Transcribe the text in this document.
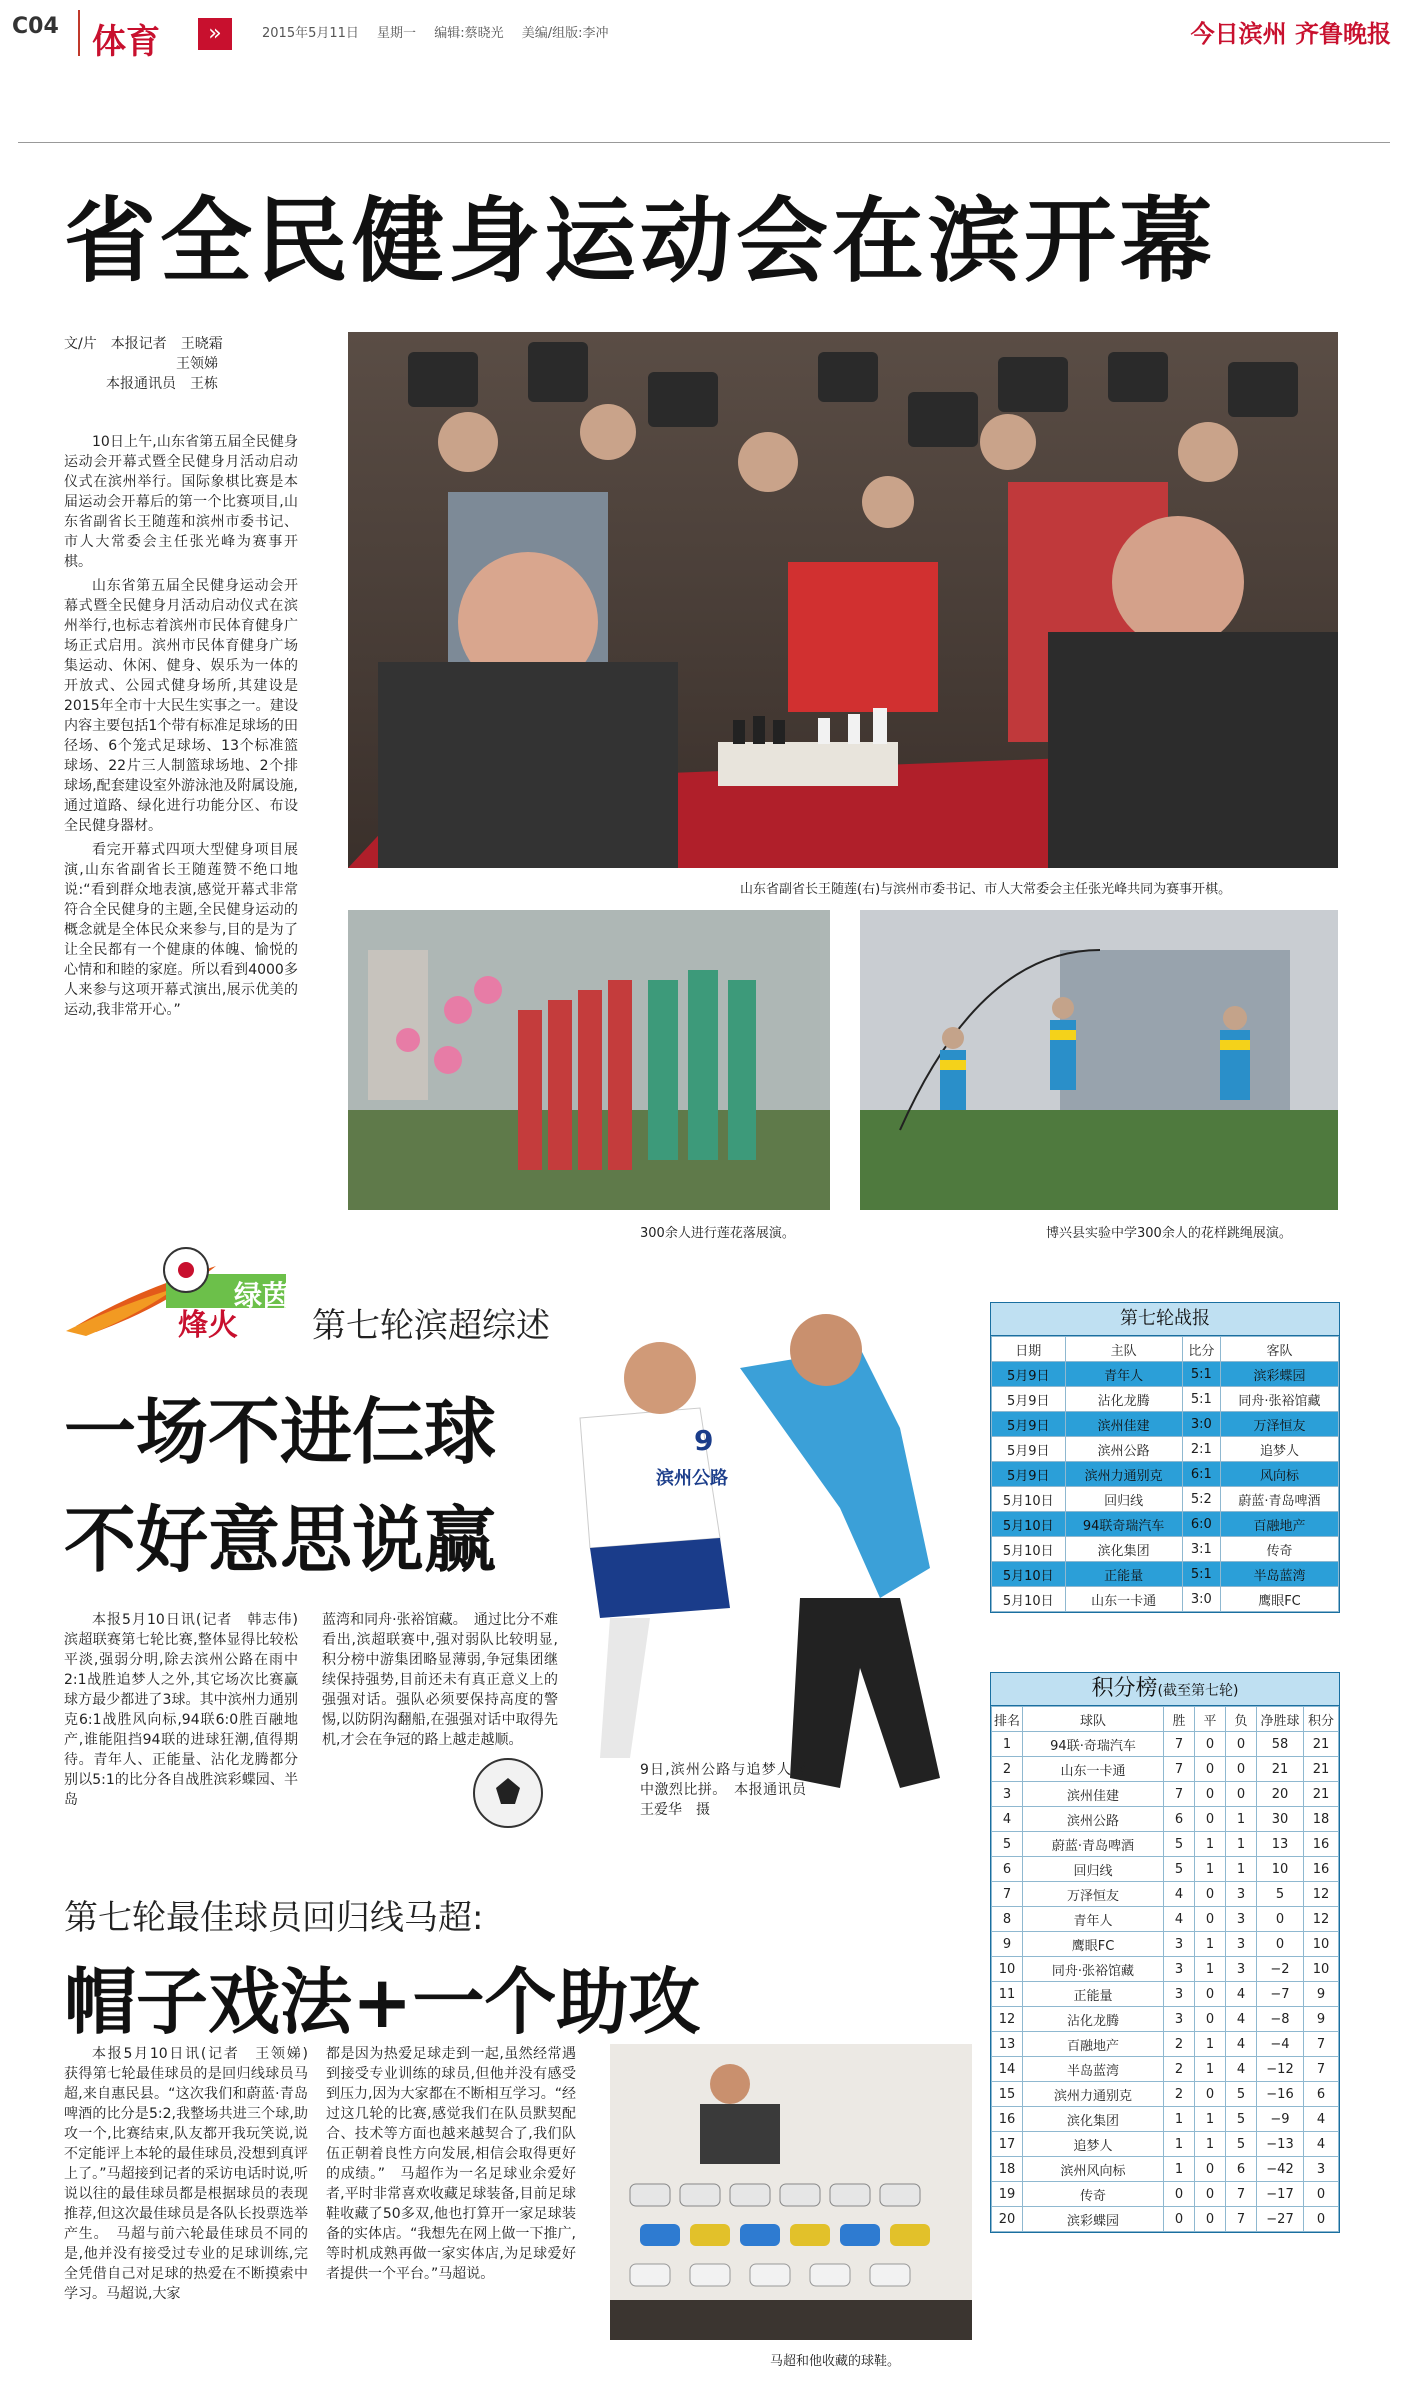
C04 体育	»	2015年5月11日 星期一 编辑:蔡晓光 美编/组版:李冲	今日滨州 齐鲁晚报
省全民健身运动会在滨开幕
文/片　本报记者　王晓霜
　　　　　　　　王领娣
　　　本报通讯员　王栋

10日上午,山东省第五届全民健身运动会开幕式暨全民健身月活动启动仪式在滨州举行。国际象棋比赛是本届运动会开幕后的第一个比赛项目,山东省副省长王随莲和滨州市委书记、市人大常委会主任张光峰为赛事开棋。

山东省第五届全民健身运动会开幕式暨全民健身月活动启动仪式在滨州举行,也标志着滨州市民体育健身广场正式启用。滨州市民体育健身广场集运动、休闲、健身、娱乐为一体的开放式、公园式健身场所,其建设是2015年全市十大民生实事之一。建设内容主要包括1个带有标准足球场的田径场、6个笼式足球场、13个标准篮球场、22片三人制篮球场地、2个排球场,配套建设室外游泳池及附属设施,通过道路、绿化进行功能分区、布设全民健身器材。

看完开幕式四项大型健身项目展演,山东省副省长王随莲赞不绝口地说:“看到群众地表演,感觉开幕式非常符合全民健身的主题,全民健身运动的概念就是全体民众来参与,目的是为了让全民都有一个健康的体魄、愉悦的心情和和睦的家庭。所以看到4000多人来参与这项开幕式演出,展示优美的运动,我非常开心。”

山东省副省长王随莲(右)与滨州市委书记、市人大常委会主任张光峰共同为赛事开棋。
300余人进行莲花落展演。	博兴县实验中学300余人的花样跳绳展演。
绿茵
烽火 第七轮滨超综述
一场不进仨球
不好意思说赢
本报5月10日讯(记者　韩志伟)　滨超联赛第七轮比赛,整体显得比较松平淡,强弱分明,除去滨州公路在雨中2:1战胜追梦人之外,其它场次比赛赢球方最少都进了3球。其中滨州力通别克6:1战胜风向标,94联6:0胜百融地产,谁能阻挡94联的进球狂潮,值得期待。青年人、正能量、沾化龙腾都分别以5:1的比分各自战胜滨彩蝶园、半岛
蓝湾和同舟·张裕馆藏。　通过比分不难看出,滨超联赛中,强对弱队比较明显,积分榜中游集团略显薄弱,争冠集团继续保持强势,目前还未有真正意义上的强强对话。强队必须要保持高度的警惕,以防阴沟翻船,在强强对话中取得先机,才会在争冠的路上越走越顺。
9
滨州公路
9日,滨州公路与追梦人雨中激烈比拼。　本报通讯员　王爱华　摄
第七轮战报
日期	主队	比分	客队
5月9日	青年人	5:1	滨彩蝶园
5月9日	沾化龙腾	5:1	同舟·张裕馆藏
5月9日	滨州佳建	3:0	万泽恒友
5月9日	滨州公路	2:1	追梦人
5月9日	滨州力通别克	6:1	风向标
5月10日	回归线	5:2	蔚蓝·青岛啤酒
5月10日	94联奇瑞汽车	6:0	百融地产
5月10日	滨化集团	3:1	传奇
5月10日	正能量	5:1	半岛蓝湾
5月10日	山东一卡通	3:0	鹰眼FC
积分榜(截至第七轮)
排名	球队	胜	平	负	净胜球	积分
1	94联·奇瑞汽车	7	0	0	58	21
2	山东一卡通	7	0	0	21	21
3	滨州佳建	7	0	0	20	21
4	滨州公路	6	0	1	30	18
5	蔚蓝·青岛啤酒	5	1	1	13	16
6	回归线	5	1	1	10	16
7	万泽恒友	4	0	3	5	12
8	青年人	4	0	3	0	12
9	鹰眼FC	3	1	3	0	10
10	同舟·张裕馆藏	3	1	3	−2	10
11	正能量	3	0	4	−7	9
12	沾化龙腾	3	0	4	−8	9
13	百融地产	2	1	4	−4	7
14	半岛蓝湾	2	1	4	−12	7
15	滨州力通别克	2	0	5	−16	6
16	滨化集团	1	1	5	−9	4
17	追梦人	1	1	5	−13	4
18	滨州风向标	1	0	6	−42	3
19	传奇	0	0	7	−17	0
20	滨彩蝶园	0	0	7	−27	0
第七轮最佳球员回归线马超:
帽子戏法+一个助攻
本报5月10日讯(记者　王领娣)　获得第七轮最佳球员的是回归线球员马超,来自惠民县。“这次我们和蔚蓝·青岛啤酒的比分是5:2,我整场共进三个球,助攻一个,比赛结束,队友都开我玩笑说,说不定能评上本轮的最佳球员,没想到真评上了。”马超接到记者的采访电话时说,听说以往的最佳球员都是根据球员的表现推荐,但这次最佳球员是各队长投票选举产生。　马超与前六轮最佳球员不同的是,他并没有接受过专业的足球训练,完全凭借自己对足球的热爱在不断摸索中学习。马超说,大家
都是因为热爱足球走到一起,虽然经常遇到接受专业训练的球员,但他并没有感受到压力,因为大家都在不断相互学习。“经过这几轮的比赛,感觉我们在队员默契配合、技术等方面也越来越契合了,我们队伍正朝着良性方向发展,相信会取得更好的成绩。”　马超作为一名足球业余爱好者,平时非常喜欢收藏足球装备,目前足球鞋收藏了50多双,他也打算开一家足球装备的实体店。“我想先在网上做一下推广,等时机成熟再做一家实体店,为足球爱好者提供一个平台。”马超说。
马超和他收藏的球鞋。
